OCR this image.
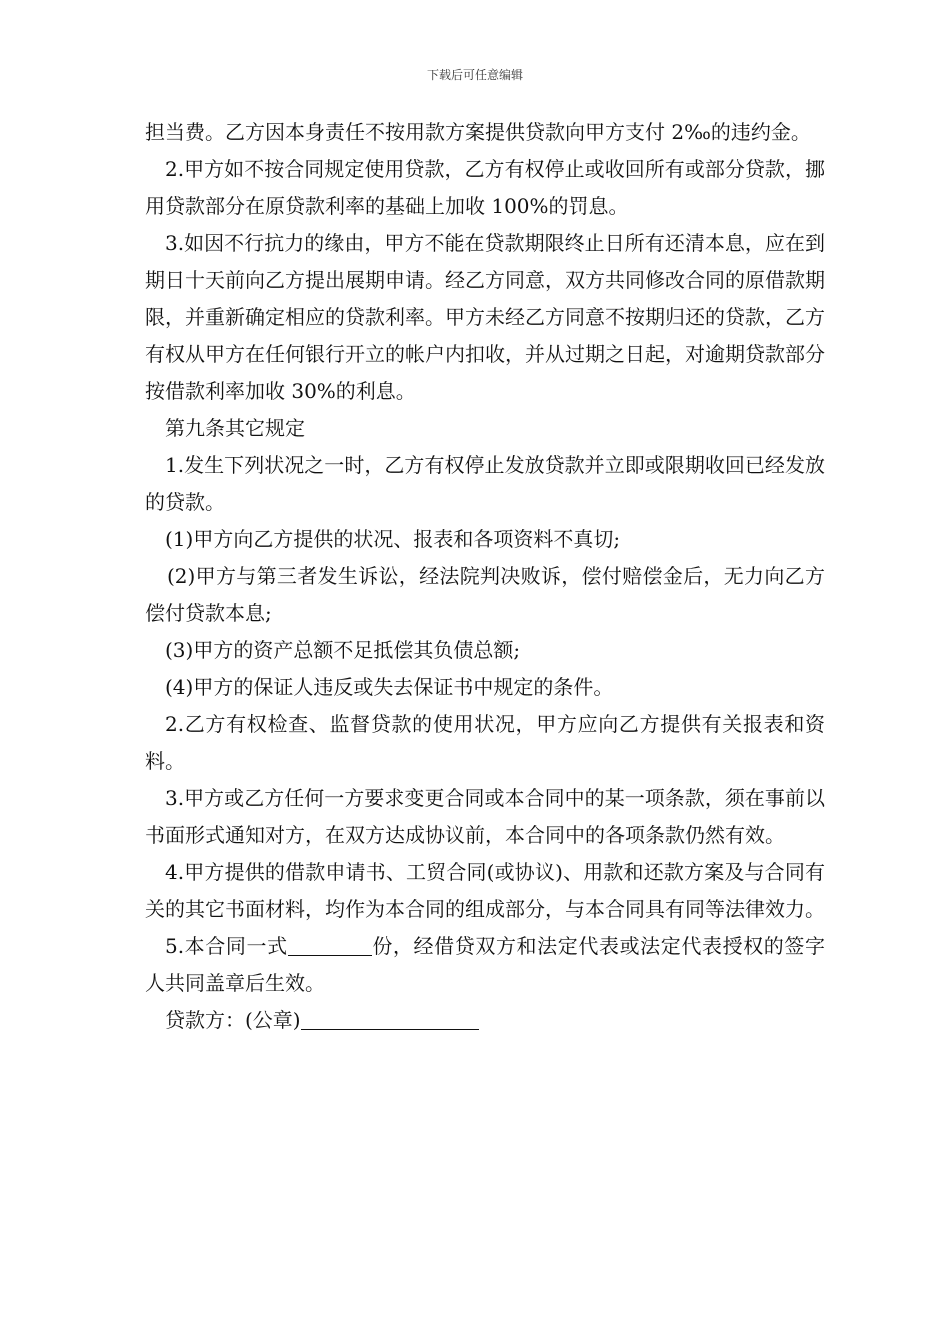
下载后可任意编辑

担当费。乙方因本身责任不按用款方案提供贷款向甲方支付 2‰的违约金。

2.甲方如不按合同规定使用贷款，乙方有权停止或收回所有或部分贷款，挪用贷款部分在原贷款利率的基础上加收 100%的罚息。

3.如因不行抗力的缘由，甲方不能在贷款期限终止日所有还清本息，应在到期日十天前向乙方提出展期申请。经乙方同意，双方共同修改合同的原借款期限，并重新确定相应的贷款利率。甲方未经乙方同意不按期归还的贷款，乙方有权从甲方在任何银行开立的帐户内扣收，并从过期之日起，对逾期贷款部分按借款利率加收 30%的利息。

第九条其它规定

1.发生下列状况之一时，乙方有权停止发放贷款并立即或限期收回已经发放的贷款。

(1)甲方向乙方提供的状况、报表和各项资料不真切;

(2)甲方与第三者发生诉讼，经法院判决败诉，偿付赔偿金后，无力向乙方偿付贷款本息;

(3)甲方的资产总额不足抵偿其负债总额;

(4)甲方的保证人违反或失去保证书中规定的条件。

2.乙方有权检查、监督贷款的使用状况，甲方应向乙方提供有关报表和资料。

3.甲方或乙方任何一方要求变更合同或本合同中的某一项条款，须在事前以书面形式通知对方，在双方达成协议前，本合同中的各项条款仍然有效。

4.甲方提供的借款申请书、工贸合同(或协议)、用款和还款方案及与合同有关的其它书面材料，均作为本合同的组成部分，与本合同具有同等法律效力。

5.本合同一式	份，经借贷双方和法定代表或法定代表授权的签字人共同盖章后生效。

贷款方：(公章)
